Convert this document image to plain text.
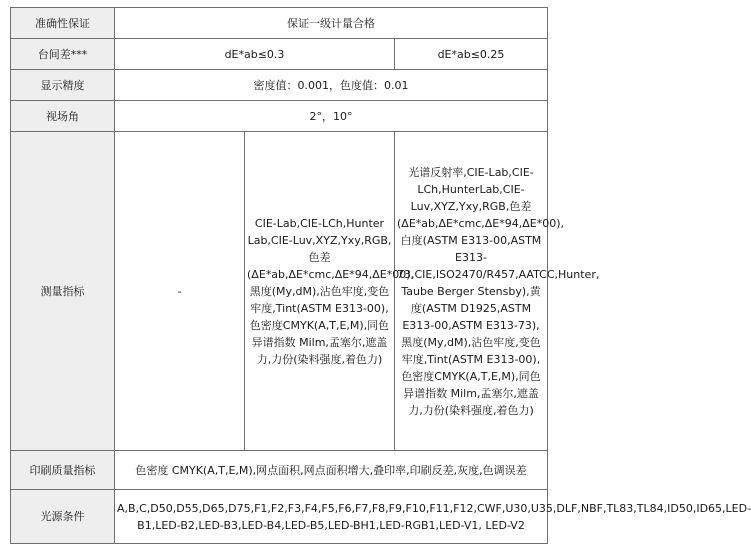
准确性保证	保证一级计量合格		
台间差***	dE*ab≤0.3		dE*ab≤0.25
显示精度	密度值：0.001，色度值：0.01		
视场角	2°，10°		
测量指标	-	CIE-Lab,CIE-LCh,Hunter Lab,CIE-Luv,XYZ,Yxy,RGB,色差(ΔE*ab,ΔE*cmc,ΔE*94,ΔE*00),黑度(My,dM),沾色牢度,变色牢度,Tint(ASTM E313-00),色密度CMYK(A,T,E,M),同色异谱指数 Milm,孟塞尔,遮盖力,力份(染料强度,着色力)	光谱反射率,CIE-Lab,CIE-LCh,HunterLab,CIE-Luv,XYZ,Yxy,RGB,色差(ΔE*ab,ΔE*cmc,ΔE*94,ΔE*00),白度(ASTM E313-00,ASTM E313-73,CIE,ISO2470/R457,AATCC,Hunter, Taube Berger Stensby),黄度(ASTM D1925,ASTM E313-00,ASTM E313-73),黑度(My,dM),沾色牢度,变色牢度,Tint(ASTM E313-00),色密度CMYK(A,T,E,M),同色异谱指数 Milm,孟塞尔,遮盖力,力份(染料强度,着色力)
印刷质量指标	色密度 CMYK(A,T,E,M),网点面积,网点面积增大,叠印率,印刷反差,灰度,色调误差		
光源条件	A,B,C,D50,D55,D65,D75,F1,F2,F3,F4,F5,F6,F7,F8,F9,F10,F11,F12,CWF,U30,U35,DLF,NBF,TL83,TL84,ID50,ID65,LED-B1,LED-B2,LED-B3,LED-B4,LED-B5,LED-BH1,LED-RGB1,LED-V1, LED-V2		
